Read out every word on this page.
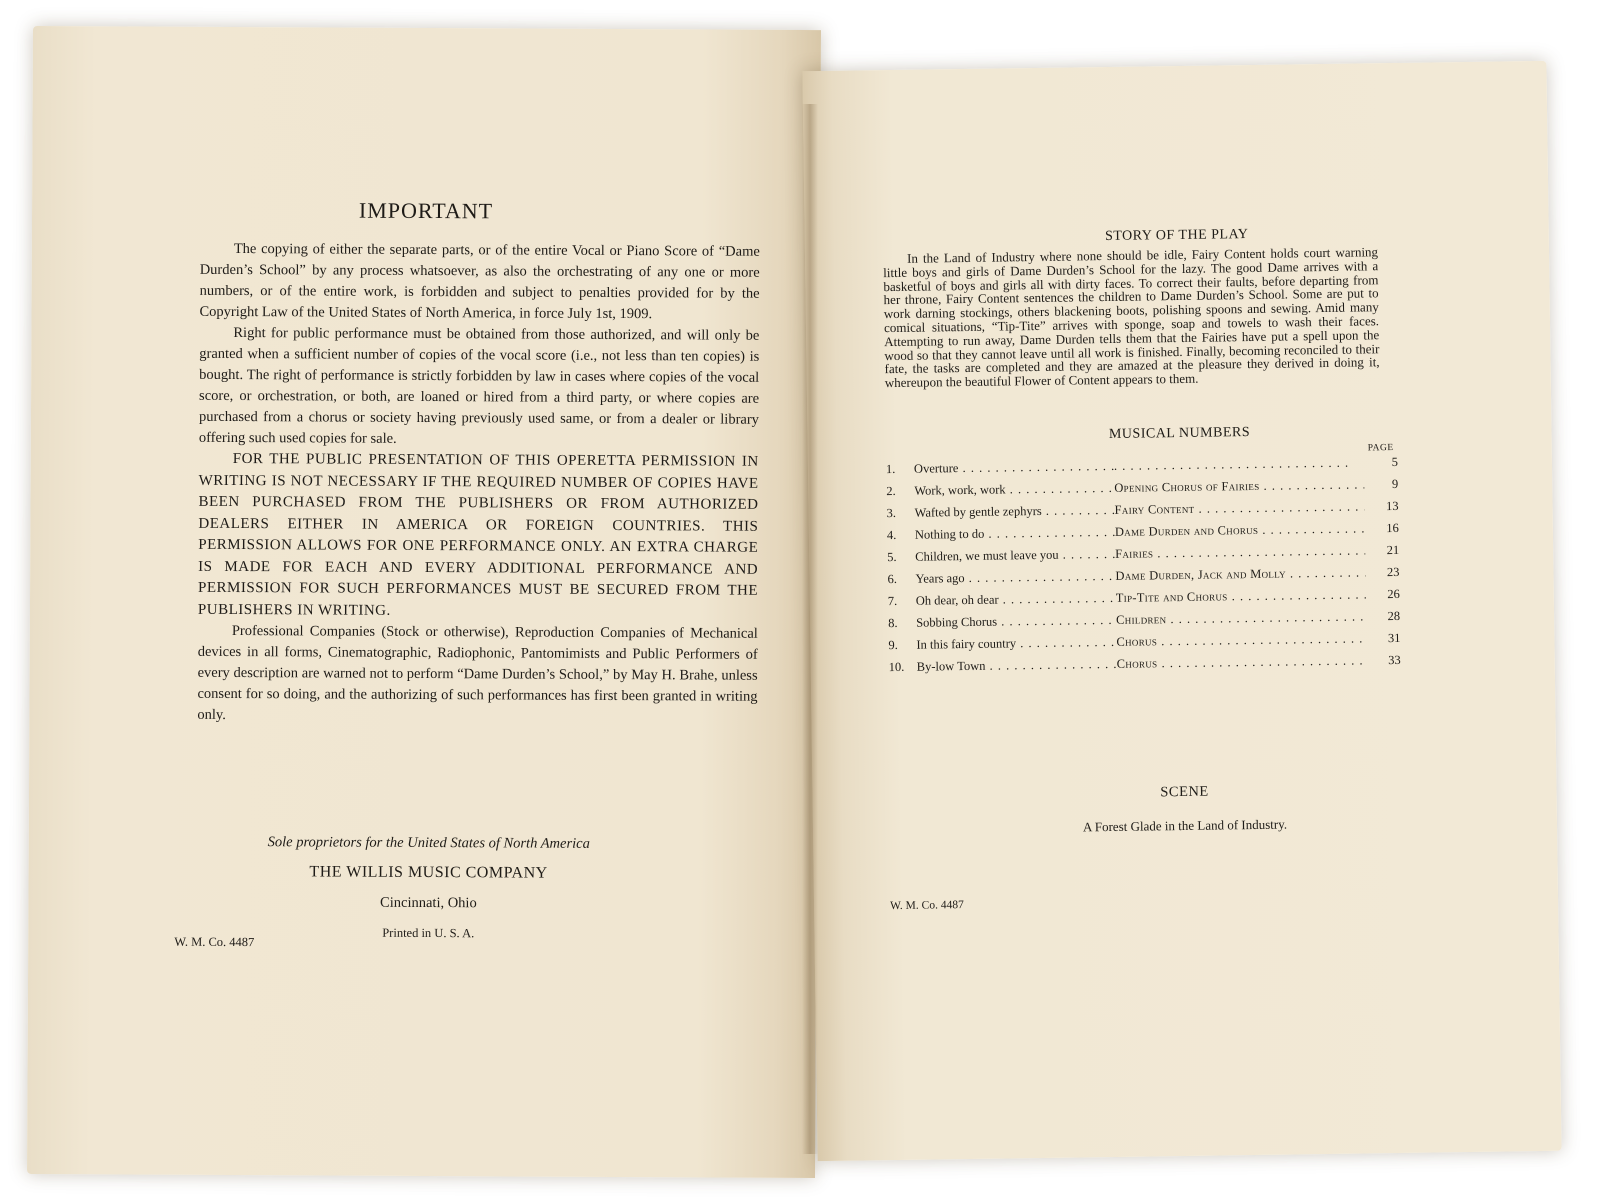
IMPORTANT

The copying of either the separate parts, or of the entire Vocal or Piano Score of “Dame Durden’s School” by any process whatsoever, as also the orchestrating of any one or more numbers, or of the entire work, is forbidden and subject to penalties provided for by the Copyright Law of the United States of North America, in force July 1st, 1909.

Right for public performance must be obtained from those authorized, and will only be granted when a sufficient number of copies of the vocal score (i.e., not less than ten copies) is bought. The right of performance is strictly forbidden by law in cases where copies of the vocal score, or orchestration, or both, are loaned or hired from a third party, or where copies are purchased from a chorus or society having previously used same, or from a dealer or library offering such used copies for sale.

FOR THE PUBLIC PRESENTATION OF THIS OPERETTA PERMISSION IN WRITING IS NOT NECESSARY IF THE REQUIRED NUMBER OF COPIES HAVE BEEN PURCHASED FROM THE PUBLISHERS OR FROM AUTHORIZED DEALERS EITHER IN AMERICA OR FOREIGN COUNTRIES. THIS PERMISSION ALLOWS FOR ONE PERFORMANCE ONLY. AN EXTRA CHARGE IS MADE FOR EACH AND EVERY ADDITIONAL PERFORMANCE AND PERMISSION FOR SUCH PERFORMANCES MUST BE SECURED FROM THE PUBLISHERS IN WRITING.

Professional Companies (Stock or otherwise), Reproduction Companies of Mechanical devices in all forms, Cinematographic, Radiophonic, Pantomimists and Public Performers of every description are warned not to perform “Dame Durden’s School,” by May H. Brahe, unless consent for so doing, and the authorizing of such performances has first been granted in writing only.

Sole proprietors for the United States of North America
THE WILLIS MUSIC COMPANY
Cincinnati, Ohio
Printed in U. S. A.
W. M. Co. 4487
STORY OF THE PLAY

In the Land of Industry where none should be idle, Fairy Content holds court warning little boys and girls of Dame Durden’s School for the lazy. The good Dame arrives with a basketful of boys and girls all with dirty faces. To correct their faults, before departing from her throne, Fairy Content sentences the children to Dame Durden’s School. Some are put to work darning stockings, others blackening boots, polishing spoons and sewing. Amid many comical situations, “Tip-Tite” arrives with sponge, soap and towels to wash their faces. Attempting to run away, Dame Durden tells them that the Fairies have put a spell upon the wood so that they cannot leave until all work is finished. Finally, becoming reconciled to their fate, the tasks are completed and they are amazed at the pleasure they derived in doing it, whereupon the beautiful Flower of Content appears to them.

MUSICAL NUMBERS
PAGE
1.	Overture . . . . . .	5
2.	Work, work, work . . .	Opening Chorus of Fairies . . .	9
3.	Wafted by gentle zephyrs . . .	Fairy Content . . .	13
4.	Nothing to do . . .	Dame Durden and Chorus . . .	16
5.	Children, we must leave you . . .	Fairies . . .	21
6.	Years ago . . .	Dame Durden, Jack and Molly . . .	23
7.	Oh dear, oh dear . . .	Tip-Tite and Chorus . . .	26
8.	Sobbing Chorus . . .	Children . . .	28
9.	In this fairy country . . .	Chorus . . .	31
10. By-low Town . . .	Chorus . . .	33
SCENE
A Forest Glade in the Land of Industry.
W. M. Co. 4487
